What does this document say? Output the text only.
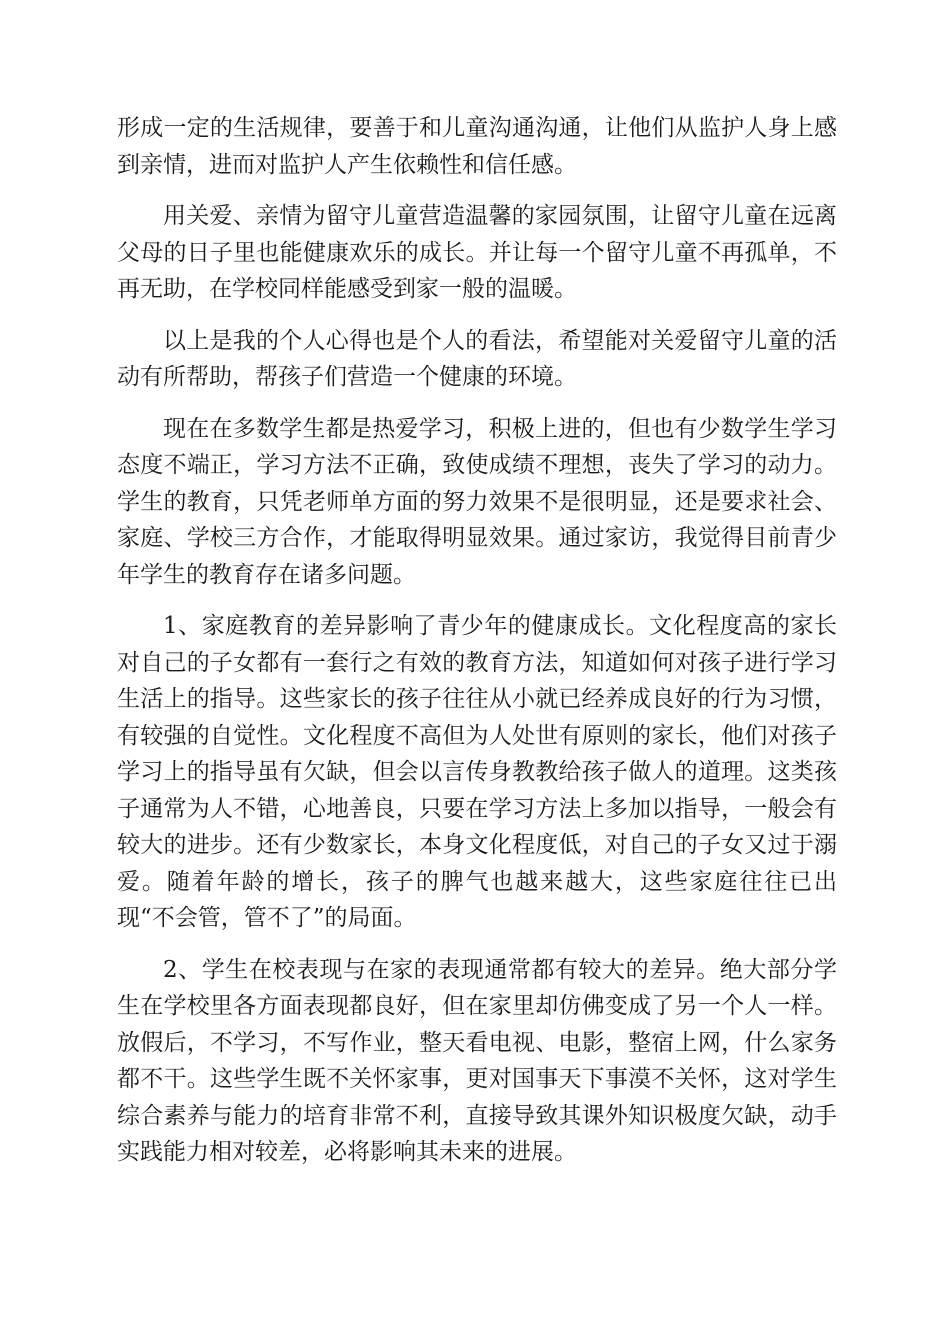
形成一定的生活规律，要善于和儿童沟通沟通，让他们从监护人身上感到亲情，进而对监护人产生依赖性和信任感。

用关爱、亲情为留守儿童营造温馨的家园氛围，让留守儿童在远离父母的日子里也能健康欢乐的成长。并让每一个留守儿童不再孤单，不再无助，在学校同样能感受到家一般的温暖。

以上是我的个人心得也是个人的看法，希望能对关爱留守儿童的活动有所帮助，帮孩子们营造一个健康的环境。

现在在多数学生都是热爱学习，积极上进的，但也有少数学生学习态度不端正，学习方法不正确，致使成绩不理想，丧失了学习的动力。学生的教育，只凭老师单方面的努力效果不是很明显，还是要求社会、家庭、学校三方合作，才能取得明显效果。通过家访，我觉得目前青少年学生的教育存在诸多问题。

1、家庭教育的差异影响了青少年的健康成长。文化程度高的家长对自己的子女都有一套行之有效的教育方法，知道如何对孩子进行学习生活上的指导。这些家长的孩子往往从小就已经养成良好的行为习惯，有较强的自觉性。文化程度不高但为人处世有原则的家长，他们对孩子学习上的指导虽有欠缺，但会以言传身教教给孩子做人的道理。这类孩子通常为人不错，心地善良，只要在学习方法上多加以指导，一般会有较大的进步。还有少数家长，本身文化程度低，对自己的子女又过于溺爱。随着年龄的增长，孩子的脾气也越来越大，这些家庭往往已出现“不会管，管不了”的局面。

2、学生在校表现与在家的表现通常都有较大的差异。绝大部分学生在学校里各方面表现都良好，但在家里却仿佛变成了另一个人一样。放假后，不学习，不写作业，整天看电视、电影，整宿上网，什么家务都不干。这些学生既不关怀家事，更对国事天下事漠不关怀，这对学生综合素养与能力的培育非常不利，直接导致其课外知识极度欠缺，动手实践能力相对较差，必将影响其未来的进展。
